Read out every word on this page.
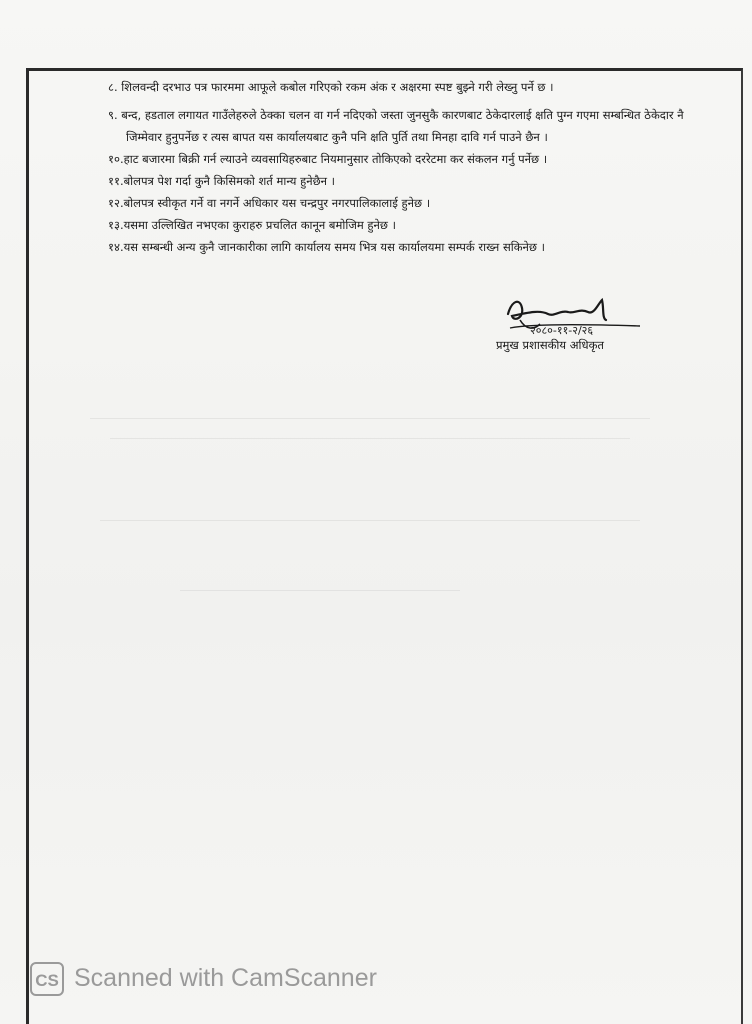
८. शिलवन्दी दरभाउ पत्र फारममा आफूले कबोल गरिएको रकम अंक र अक्षरमा स्पष्ट बुझ्ने गरी लेख्नु पर्ने छ ।

९. बन्द, हडताल लगायत गाउँलेहरुले ठेक्का चलन वा गर्न नदिएको जस्ता जुनसुकै कारणबाट ठेकेदारलाई क्षति पुग्न गएमा सम्बन्धित ठेकेदार नै जिम्मेवार हुनुपर्नेछ र त्यस बापत यस कार्यालयबाट कुनै पनि क्षति पुर्ति तथा मिनहा दावि गर्न पाउने छैन ।

१०.हाट बजारमा बिक्री गर्न ल्याउने व्यवसायिहरुबाट नियमानुसार तोकिएको दररेटमा कर संकलन गर्नु पर्नेछ ।

११.बोलपत्र पेश गर्दा कुनै किसिमको शर्त मान्य हुनेछैन ।

१२.बोलपत्र स्वीकृत गर्ने वा नगर्ने अधिकार यस चन्द्रपुर नगरपालिकालाई हुनेछ ।

१३.यसमा उल्लिखित नभएका कुराहरु प्रचलित कानून बमोजिम हुनेछ ।

१४.यस सम्बन्धी अन्य कुनै जानकारीका लागि कार्यालय समय भित्र यस कार्यालयमा सम्पर्क राख्न सकिनेछ ।

२०८०-११-२/२६
प्रमुख प्रशासकीय अधिकृत
CS Scanned with CamScanner
